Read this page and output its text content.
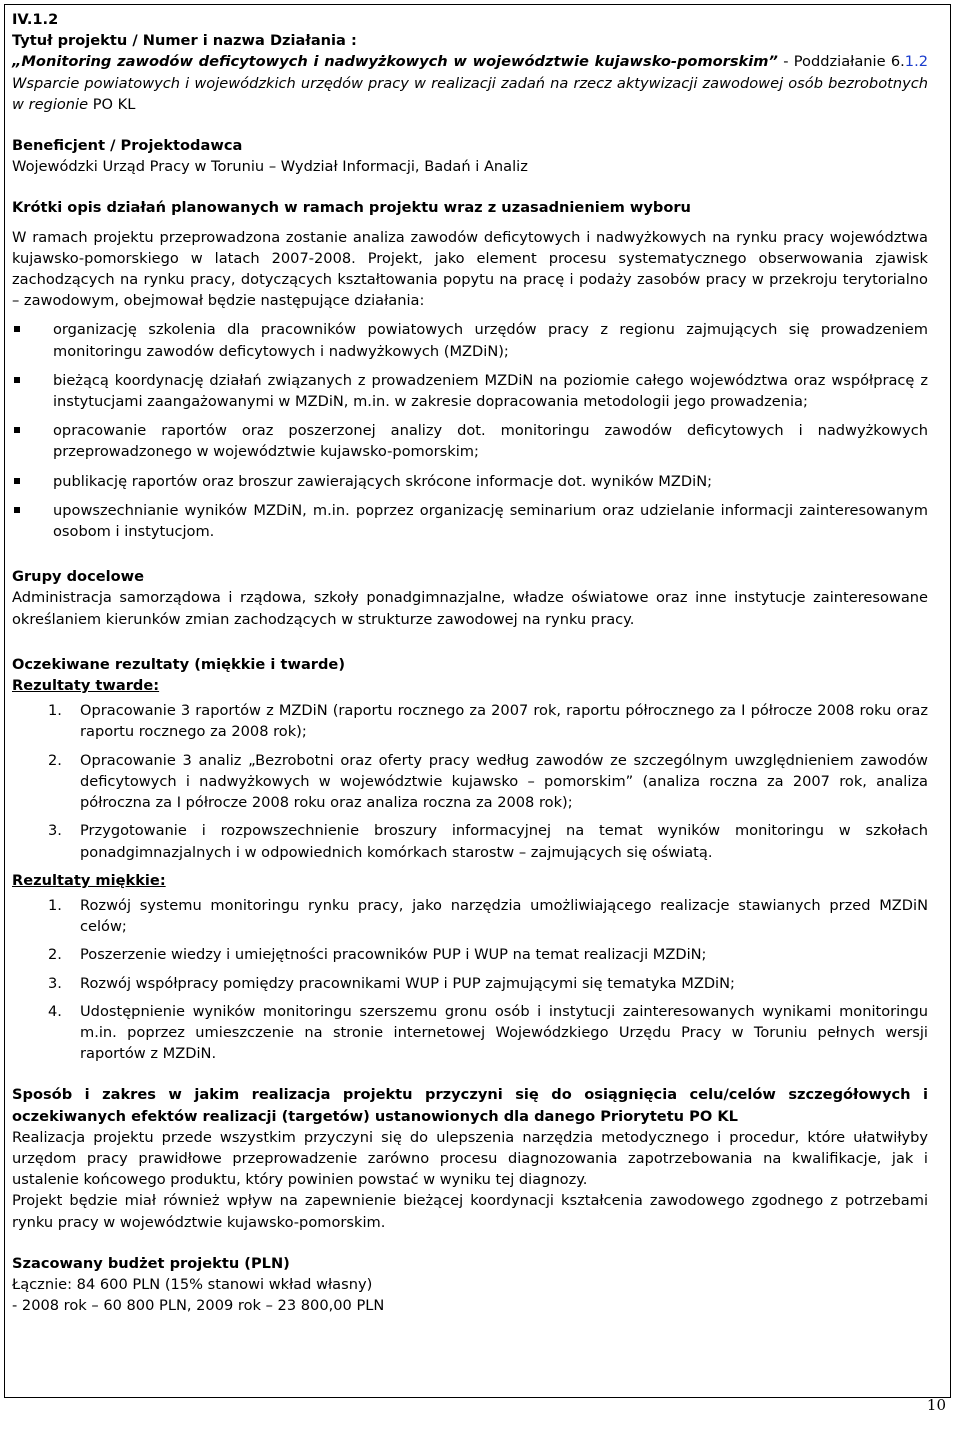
IV.1.2

Tytuł projektu / Numer i nazwa Działania :

„Monitoring zawodów deficytowych i nadwyżkowych w województwie kujawsko-pomorskim” - Poddziałanie 6.1.2 Wsparcie powiatowych i wojewódzkich urzędów pracy w realizacji zadań na rzecz aktywizacji zawodowej osób bezrobotnych w regionie PO KL

Beneficjent / Projektodawca

Wojewódzki Urząd Pracy w Toruniu – Wydział Informacji, Badań i Analiz

Krótki opis działań planowanych w ramach projektu wraz z uzasadnieniem wyboru

W ramach projektu przeprowadzona zostanie analiza zawodów deficytowych i nadwyżkowych na rynku pracy województwa kujawsko-pomorskiego w latach 2007-2008. Projekt, jako element procesu systematycznego obserwowania zjawisk zachodzących na rynku pracy, dotyczących kształtowania popytu na pracę i podaży zasobów pracy w przekroju terytorialno – zawodowym, obejmował będzie następujące działania:

organizację szkolenia dla pracowników powiatowych urzędów pracy z regionu zajmujących się prowadzeniem monitoringu zawodów deficytowych i nadwyżkowych (MZDiN);
bieżącą koordynację działań związanych z prowadzeniem MZDiN na poziomie całego województwa oraz współpracę z instytucjami zaangażowanymi w MZDiN, m.in. w zakresie dopracowania metodologii jego prowadzenia;
opracowanie raportów oraz poszerzonej analizy dot. monitoringu zawodów deficytowych i nadwyżkowych przeprowadzonego w województwie kujawsko-pomorskim;
publikację raportów oraz broszur zawierających skrócone informacje dot. wyników MZDiN;
upowszechnianie wyników MZDiN, m.in. poprzez organizację seminarium oraz udzielanie informacji zainteresowanym osobom i instytucjom.

Grupy docelowe

Administracja samorządowa i rządowa, szkoły ponadgimnazjalne, władze oświatowe oraz inne instytucje zainteresowane określaniem kierunków zmian zachodzących w strukturze zawodowej na rynku pracy.

Oczekiwane rezultaty (miękkie i twarde)

Rezultaty twarde:

1. Opracowanie 3 raportów z MZDiN (raportu rocznego za 2007 rok, raportu półrocznego za I półrocze 2008 roku oraz raportu rocznego za 2008 rok);
2. Opracowanie 3 analiz „Bezrobotni oraz oferty pracy według zawodów ze szczególnym uwzględnieniem zawodów deficytowych i nadwyżkowych w województwie kujawsko – pomorskim” (analiza roczna za 2007 rok, analiza półroczna za I półrocze 2008 roku oraz analiza roczna za 2008 rok);
3. Przygotowanie i rozpowszechnienie broszury informacyjnej na temat wyników monitoringu w szkołach ponadgimnazjalnych i w odpowiednich komórkach starostw – zajmujących się oświatą.

Rezultaty miękkie:

1. Rozwój systemu monitoringu rynku pracy, jako narzędzia umożliwiającego realizacje stawianych przed MZDiN celów;
2. Poszerzenie wiedzy i umiejętności pracowników PUP i WUP na temat realizacji MZDiN;
3. Rozwój współpracy pomiędzy pracownikami WUP i PUP zajmującymi się tematyka MZDiN;
4. Udostępnienie wyników monitoringu szerszemu gronu osób i instytucji zainteresowanych wynikami monitoringu m.in. poprzez umieszczenie na stronie internetowej Wojewódzkiego Urzędu Pracy w Toruniu pełnych wersji raportów z MZDiN.

Sposób i zakres w jakim realizacja projektu przyczyni się do osiągnięcia celu/celów szczegółowych i oczekiwanych efektów realizacji (targetów) ustanowionych dla danego Priorytetu PO KL

Realizacja projektu przede wszystkim przyczyni się do ulepszenia narzędzia metodycznego i procedur, które ułatwiłyby urzędom pracy prawidłowe przeprowadzenie zarówno procesu diagnozowania zapotrzebowania na kwalifikacje, jak i ustalenie końcowego produktu, który powinien powstać w wyniku tej diagnozy.

Projekt będzie miał również wpływ na zapewnienie bieżącej koordynacji kształcenia zawodowego zgodnego z potrzebami rynku pracy w województwie kujawsko-pomorskim.

Szacowany budżet projektu (PLN)

Łącznie: 84 600 PLN (15% stanowi wkład własny)

- 2008 rok – 60 800 PLN, 2009 rok – 23 800,00 PLN

10
